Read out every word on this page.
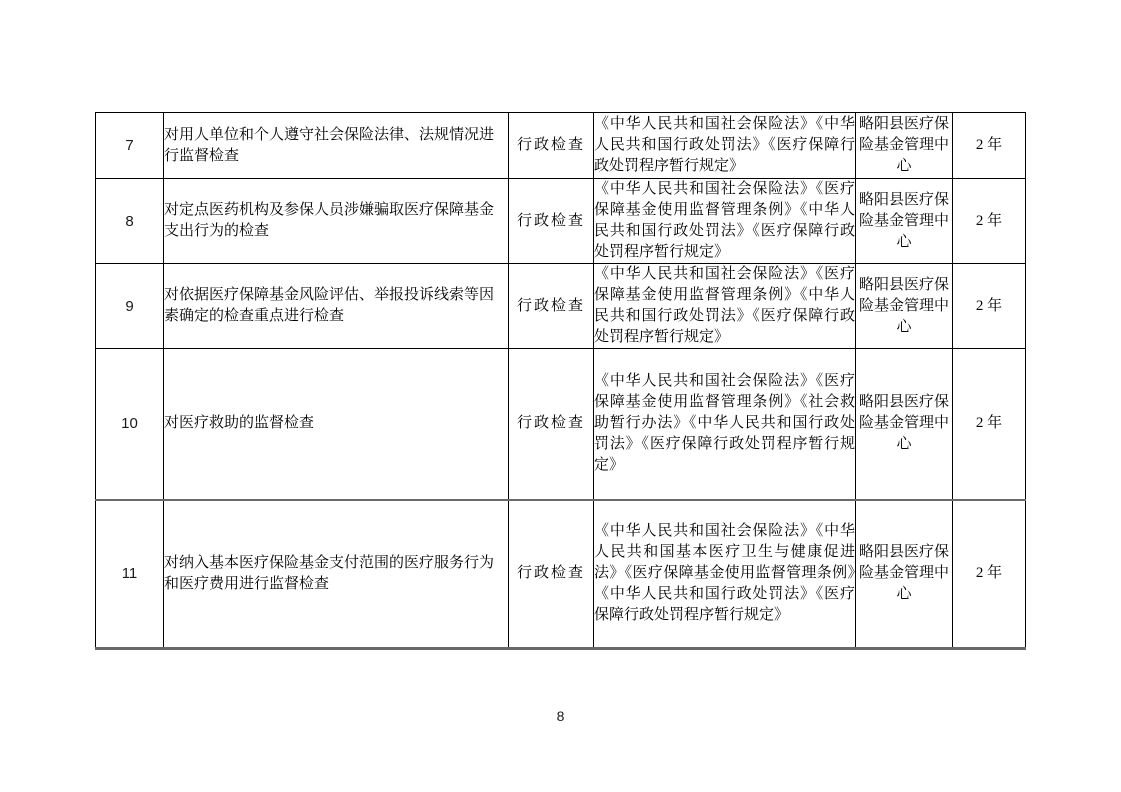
7	对用人单位和个人遵守社会保险法律、法规情况进行监督检查	行政检查	《中华人民共和国社会保险法》《中华人民共和国行政处罚法》《医疗保障行政处罚程序暂行规定》	略阳县医疗保险基金管理中心	2 年
8	对定点医药机构及参保人员涉嫌骗取医疗保障基金支出行为的检查	行政检查	《中华人民共和国社会保险法》《医疗保障基金使用监督管理条例》《中华人民共和国行政处罚法》《医疗保障行政处罚程序暂行规定》	略阳县医疗保险基金管理中心	2 年
9	对依据医疗保障基金风险评估、举报投诉线索等因素确定的检查重点进行检查	行政检查	《中华人民共和国社会保险法》《医疗保障基金使用监督管理条例》《中华人民共和国行政处罚法》《医疗保障行政处罚程序暂行规定》	略阳县医疗保险基金管理中心	2 年
10	对医疗救助的监督检查	行政检查	《中华人民共和国社会保险法》《医疗保障基金使用监督管理条例》《社会救助暂行办法》《中华人民共和国行政处罚法》《医疗保障行政处罚程序暂行规定》	略阳县医疗保险基金管理中心	2 年
11	对纳入基本医疗保险基金支付范围的医疗服务行为和医疗费用进行监督检查	行政检查	《中华人民共和国社会保险法》《中华人民共和国基本医疗卫生与健康促进法》《医疗保障基金使用监督管理条例》《中华人民共和国行政处罚法》《医疗保障行政处罚程序暂行规定》	略阳县医疗保险基金管理中心	2 年
8
